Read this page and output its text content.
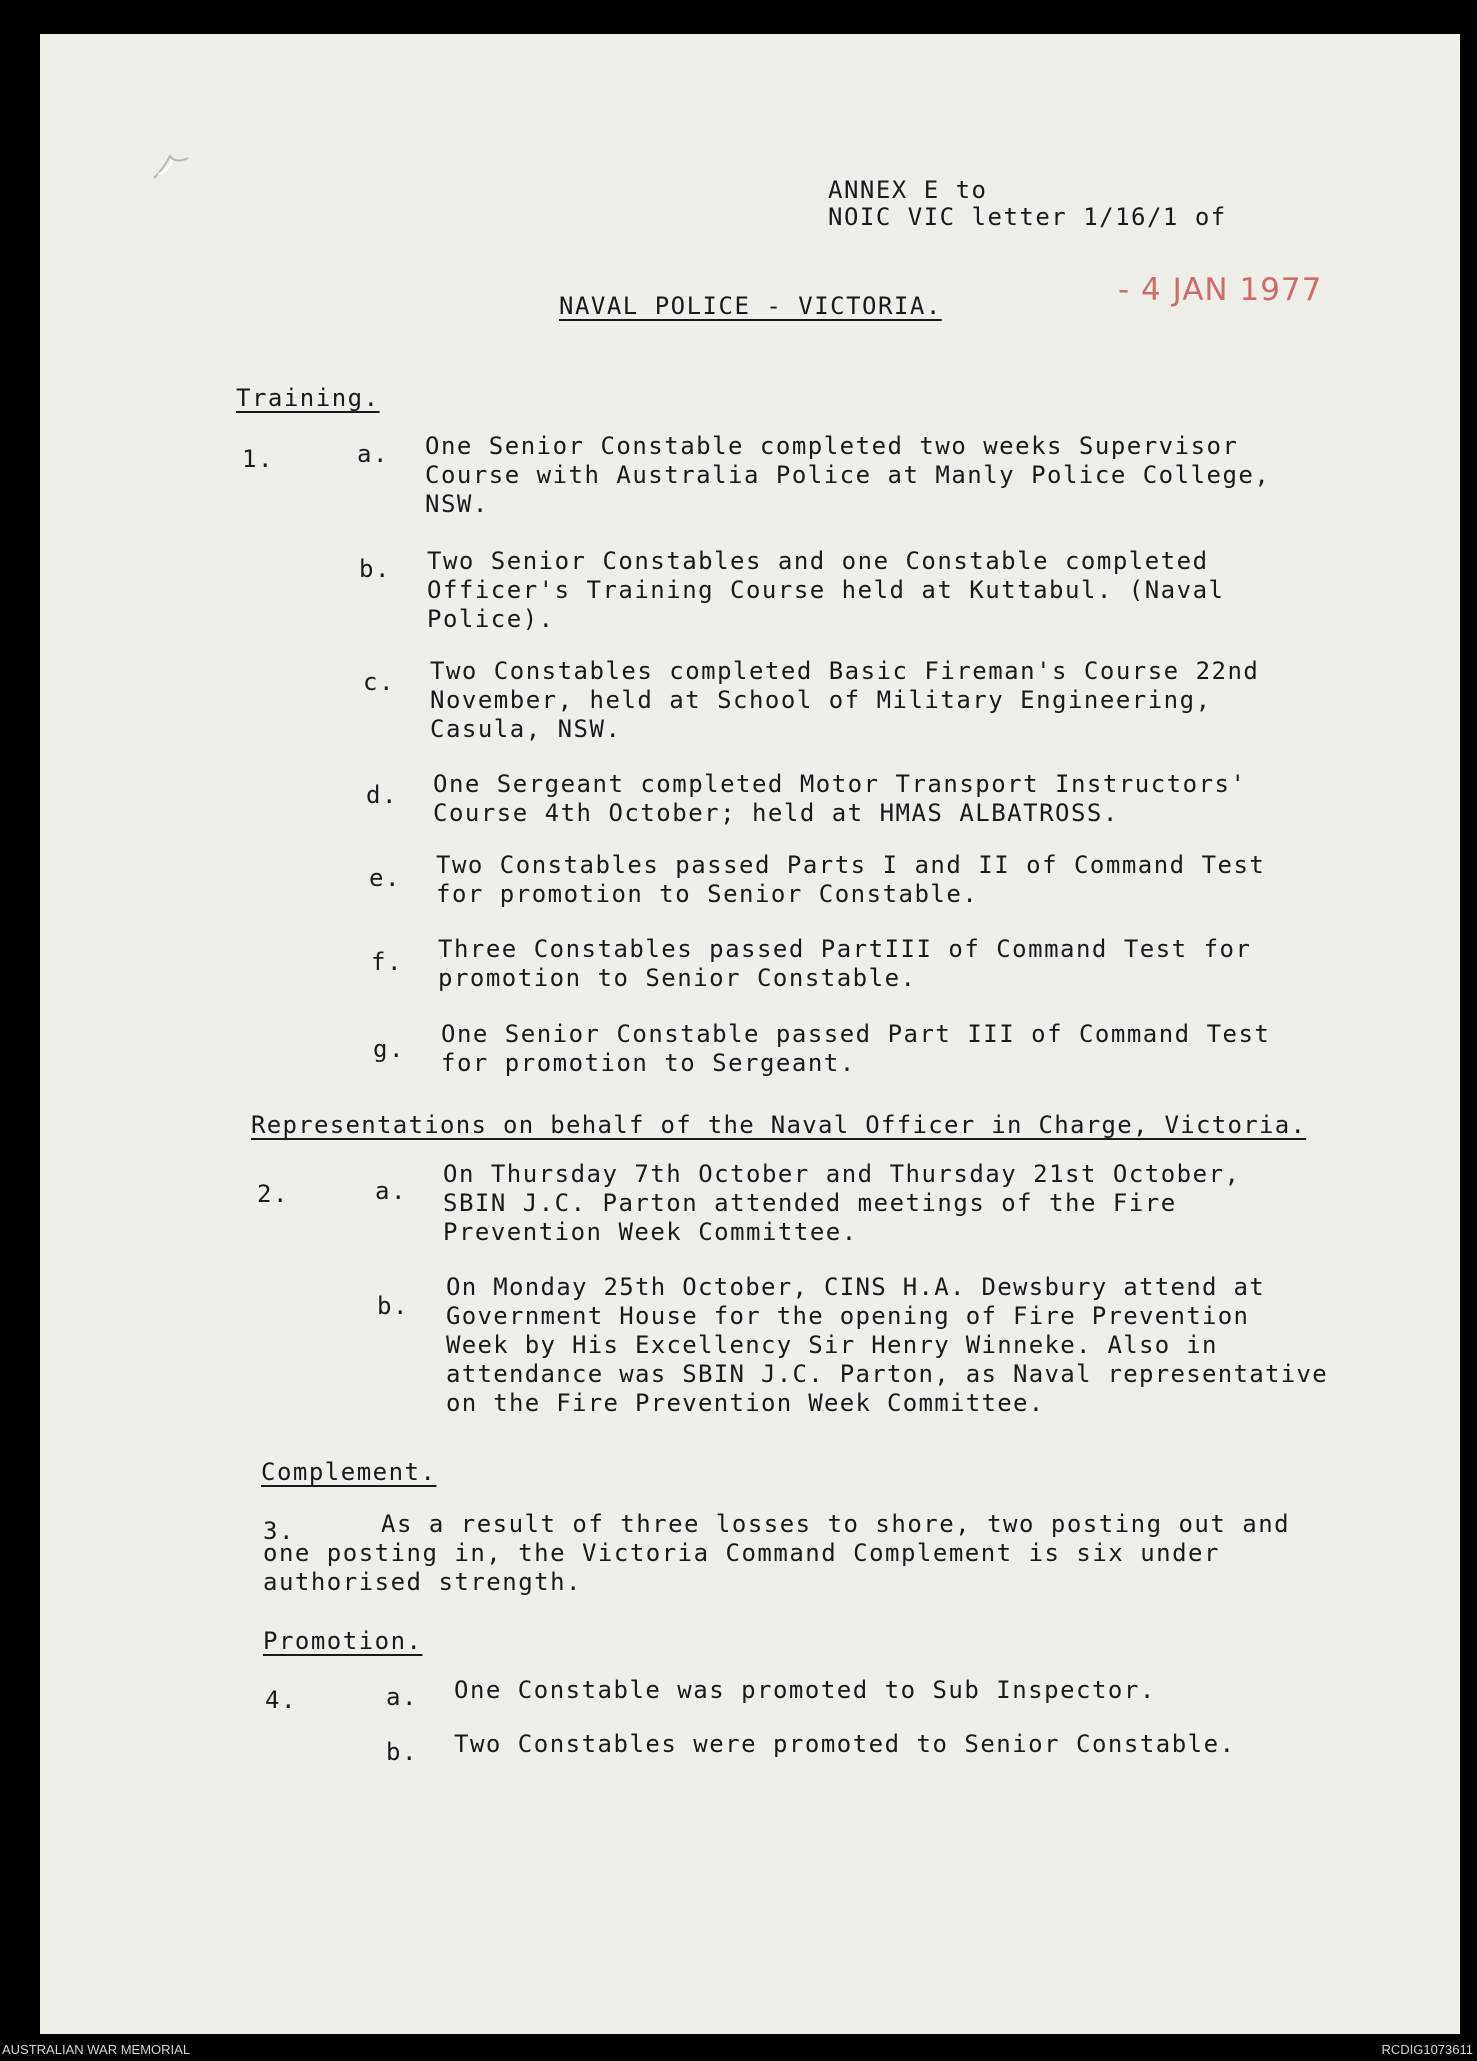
ANNEX E to
NOIC VIC letter 1/16/1 of
NAVAL POLICE - VICTORIA.	- 4 JAN 1977
Training.
1.	a. One Senior Constable completed two weeks Supervisor
Course with Australia Police at Manly Police College,
NSW.
b. Two Senior Constables and one Constable completed
Officer's Training Course held at Kuttabul. (Naval
Police).
c. Two Constables completed Basic Fireman's Course 22nd
November, held at School of Military Engineering,
Casula, NSW.
d. One Sergeant completed Motor Transport Instructors'
Course 4th October; held at HMAS ALBATROSS.
e. Two Constables passed Parts I and II of Command Test
for promotion to Senior Constable.
f. Three Constables passed PartIII of Command Test for
promotion to Senior Constable.
g.
One Senior Constable passed Part III of Command Test
for promotion to Sergeant.
Representations on behalf of the Naval Officer in Charge, Victoria.
2.	a.
On Thursday 7th October and Thursday 21st October,
SBIN J.C. Parton attended meetings of the Fire
Prevention Week Committee.
b.
On Monday 25th October, CINS H.A. Dewsbury attend at
Government House for the opening of Fire Prevention
Week by His Excellency Sir Henry Winneke. Also in
attendance was SBIN J.C. Parton, as Naval representative
on the Fire Prevention Week Committee.
Complement.
3.	As a result of three losses to shore, two posting out and
one posting in, the Victoria Command Complement is six under
authorised strength.
Promotion.
4.	a. One Constable was promoted to Sub Inspector.
b. Two Constables were promoted to Senior Constable.
AUSTRALIAN WAR MEMORIAL	RCDIG1073611
